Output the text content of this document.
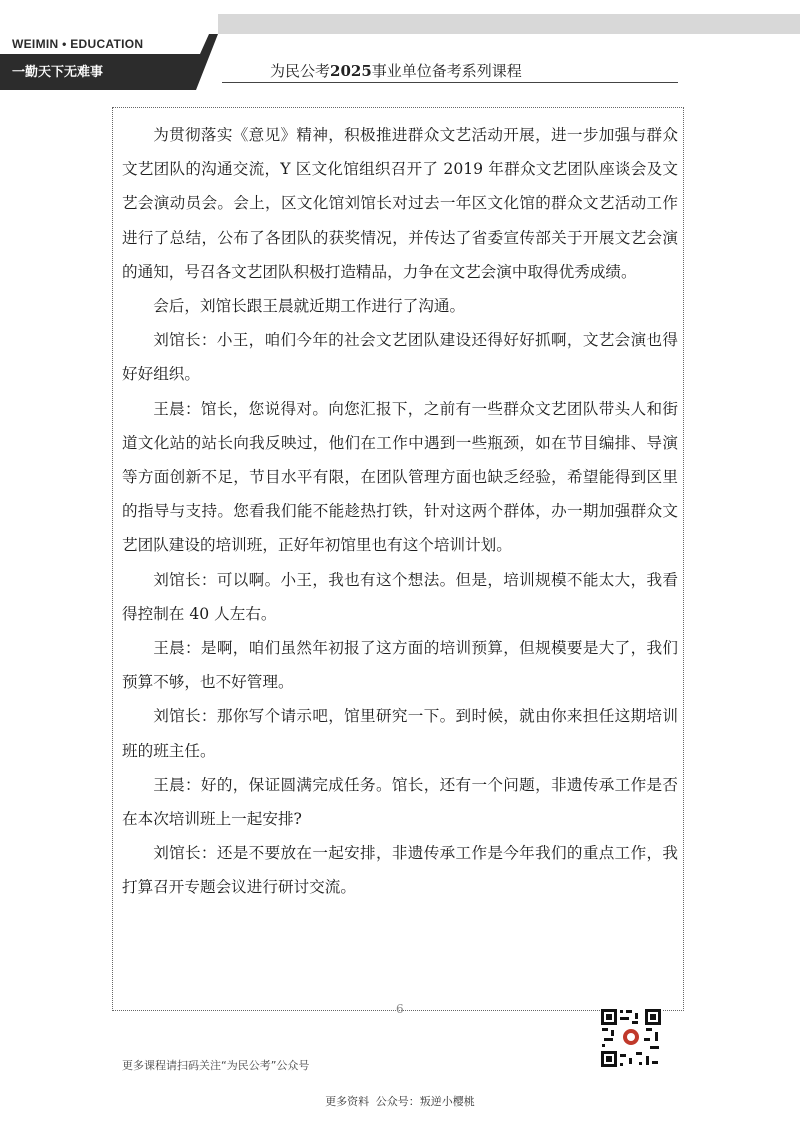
WEIMIN • EDUCATION
一勤天下无难事	为民公考2025事业单位备考系列课程

为贯彻落实《意见》精神，积极推进群众文艺活动开展，进一步加强与群众文艺团队的沟通交流，Y 区文化馆组织召开了 2019 年群众文艺团队座谈会及文艺会演动员会。会上，区文化馆刘馆长对过去一年区文化馆的群众文艺活动工作进行了总结，公布了各团队的获奖情况，并传达了省委宣传部关于开展文艺会演的通知，号召各文艺团队积极打造精品，力争在文艺会演中取得优秀成绩。

会后，刘馆长跟王晨就近期工作进行了沟通。

刘馆长：小王，咱们今年的社会文艺团队建设还得好好抓啊，文艺会演也得好好组织。

王晨：馆长，您说得对。向您汇报下，之前有一些群众文艺团队带头人和街道文化站的站长向我反映过，他们在工作中遇到一些瓶颈，如在节目编排、导演等方面创新不足，节目水平有限，在团队管理方面也缺乏经验，希望能得到区里的指导与支持。您看我们能不能趁热打铁，针对这两个群体，办一期加强群众文艺团队建设的培训班，正好年初馆里也有这个培训计划。

刘馆长：可以啊。小王，我也有这个想法。但是，培训规模不能太大，我看得控制在 40 人左右。

王晨：是啊，咱们虽然年初报了这方面的培训预算，但规模要是大了，我们预算不够，也不好管理。

刘馆长：那你写个请示吧，馆里研究一下。到时候，就由你来担任这期培训班的班主任。

王晨：好的，保证圆满完成任务。馆长，还有一个问题，非遗传承工作是否在本次培训班上一起安排?

刘馆长：还是不要放在一起安排，非遗传承工作是今年我们的重点工作，我打算召开专题会议进行研讨交流。

6
更多课程请扫码关注“为民公考”公众号
更多资料 公众号：叛逆小樱桃
